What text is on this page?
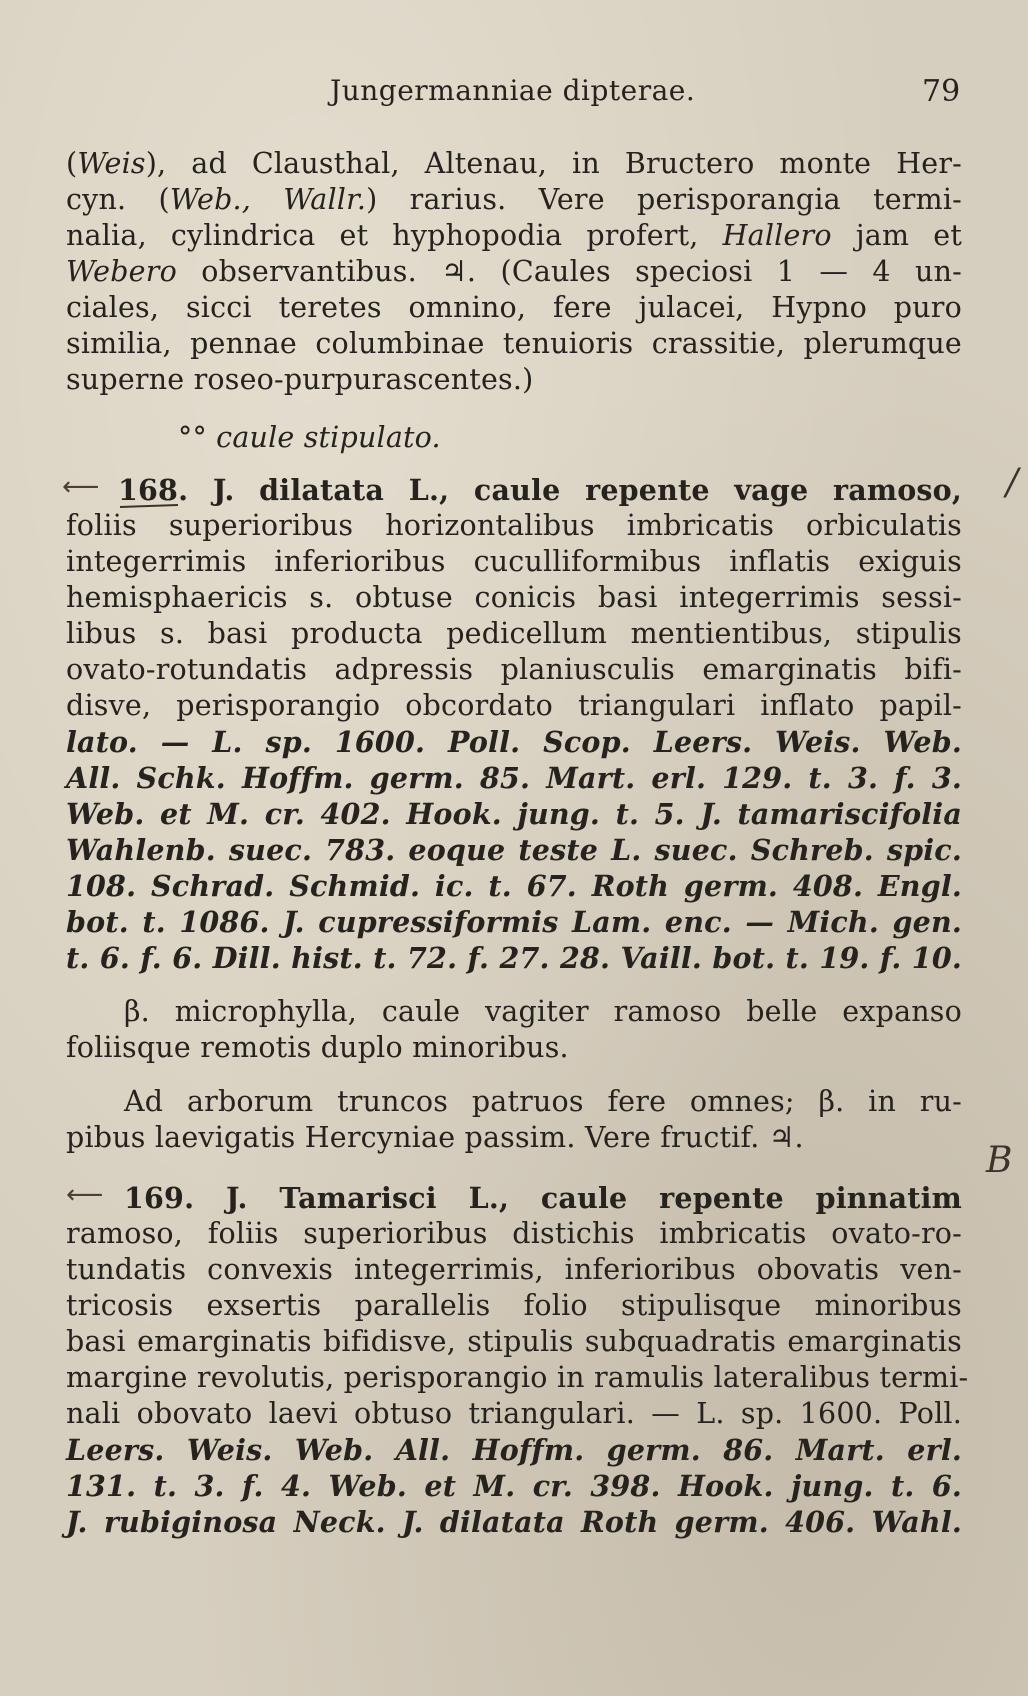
Jungermanniae dipterae.	79
/
B
⟵
⟵
(Weis), ad Clausthal, Altenau, in Bructero monte Her-
cyn. (Web., Wallr.) rarius. Vere perisporangia termi-
nalia, cylindrica et hyphopodia profert, Hallero jam et
Webero observantibus. ♃. (Caules speciosi 1 — 4 un-
ciales, sicci teretes omnino, fere julacei, Hypno puro
similia, pennae columbinae tenuioris crassitie, plerumque
superne roseo-purpurascentes.)
°° caule stipulato.
168. J. dilatata L., caule repente vage ramoso,
foliis superioribus horizontalibus imbricatis orbiculatis
integerrimis inferioribus cuculliformibus inflatis exiguis
hemisphaericis s. obtuse conicis basi integerrimis sessi-
libus s. basi producta pedicellum mentientibus, stipulis
ovato-rotundatis adpressis planiusculis emarginatis bifi-
disve, perisporangio obcordato triangulari inflato papil-
lato. — L. sp. 1600. Poll. Scop. Leers. Weis. Web.
All. Schk. Hoffm. germ. 85. Mart. erl. 129. t. 3. f. 3.
Web. et M. cr. 402. Hook. jung. t. 5. J. tamariscifolia
Wahlenb. suec. 783. eoque teste L. suec. Schreb. spic.
108. Schrad. Schmid. ic. t. 67. Roth germ. 408. Engl.
bot. t. 1086. J. cupressiformis Lam. enc. — Mich. gen.
t. 6. f. 6. Dill. hist. t. 72. f. 27. 28. Vaill. bot. t. 19. f. 10.
β. microphylla, caule vagiter ramoso belle expanso
foliisque remotis duplo minoribus.
Ad arborum truncos patruos fere omnes; β. in ru-
pibus laevigatis Hercyniae passim. Vere fructif. ♃.
169. J. Tamarisci L., caule repente pinnatim
ramoso, foliis superioribus distichis imbricatis ovato-ro-
tundatis convexis integerrimis, inferioribus obovatis ven-
tricosis exsertis parallelis folio stipulisque minoribus
basi emarginatis bifidisve, stipulis subquadratis emarginatis
margine revolutis, perisporangio in ramulis lateralibus termi-
nali obovato laevi obtuso triangulari. — L. sp. 1600. Poll.
Leers. Weis. Web. All. Hoffm. germ. 86. Mart. erl.
131. t. 3. f. 4. Web. et M. cr. 398. Hook. jung. t. 6.
J. rubiginosa Neck. J. dilatata Roth germ. 406. Wahl.
